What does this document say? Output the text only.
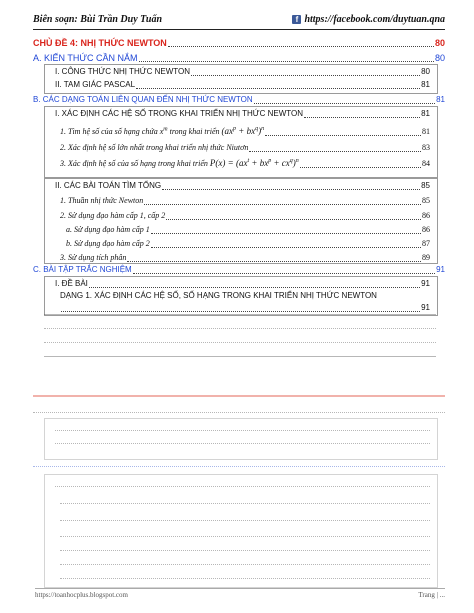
Biên soạn: Bùi Trần Duy Tuấn	f https://facebook.com/duytuan.qna
CHỦ ĐỀ 4: NHỊ THỨC NEWTON	80
A. KIẾN THỨC CẦN NẮM	80
I. CÔNG THỨC NHỊ THỨC NEWTON	80
II. TAM GIÁC PASCAL	81
B. CÁC DẠNG TOÁN LIÊN QUAN ĐẾN NHỊ THỨC NEWTON	81
I. XÁC ĐỊNH CÁC HỆ SỐ TRONG KHAI TRIỂN NHỊ THỨC NEWTON	81
1. Tìm hệ số của số hạng chứa $x^m$ trong khai triển $(ax^p + bx^q)^n$	81
2. Xác định hệ số lớn nhất trong khai triển nhị thức Niutơn	83
3. Xác định hệ số của số hạng trong khai triển $P(x) = (ax^t + bx^p + cx^q)^n$	84
II. CÁC BÀI TOÁN TÌM TỔNG	85
1. Thuần nhị thức Newton	85
2. Sử dụng đạo hàm cấp 1, cấp 2	86
a. Sử dụng đạo hàm cấp 1	86
b. Sử dụng đạo hàm cấp 2	87
3. Sử dụng tích phân	89
C. BÀI TẬP TRẮC NGHIỆM	91
I. ĐỀ BÀI	91
DẠNG 1. XÁC ĐỊNH CÁC HỆ SỐ, SỐ HẠNG TRONG KHAI TRIỂN NHỊ THỨC NEWTON
91
https://toanhocplus.blogspot.com	Trang | ...
